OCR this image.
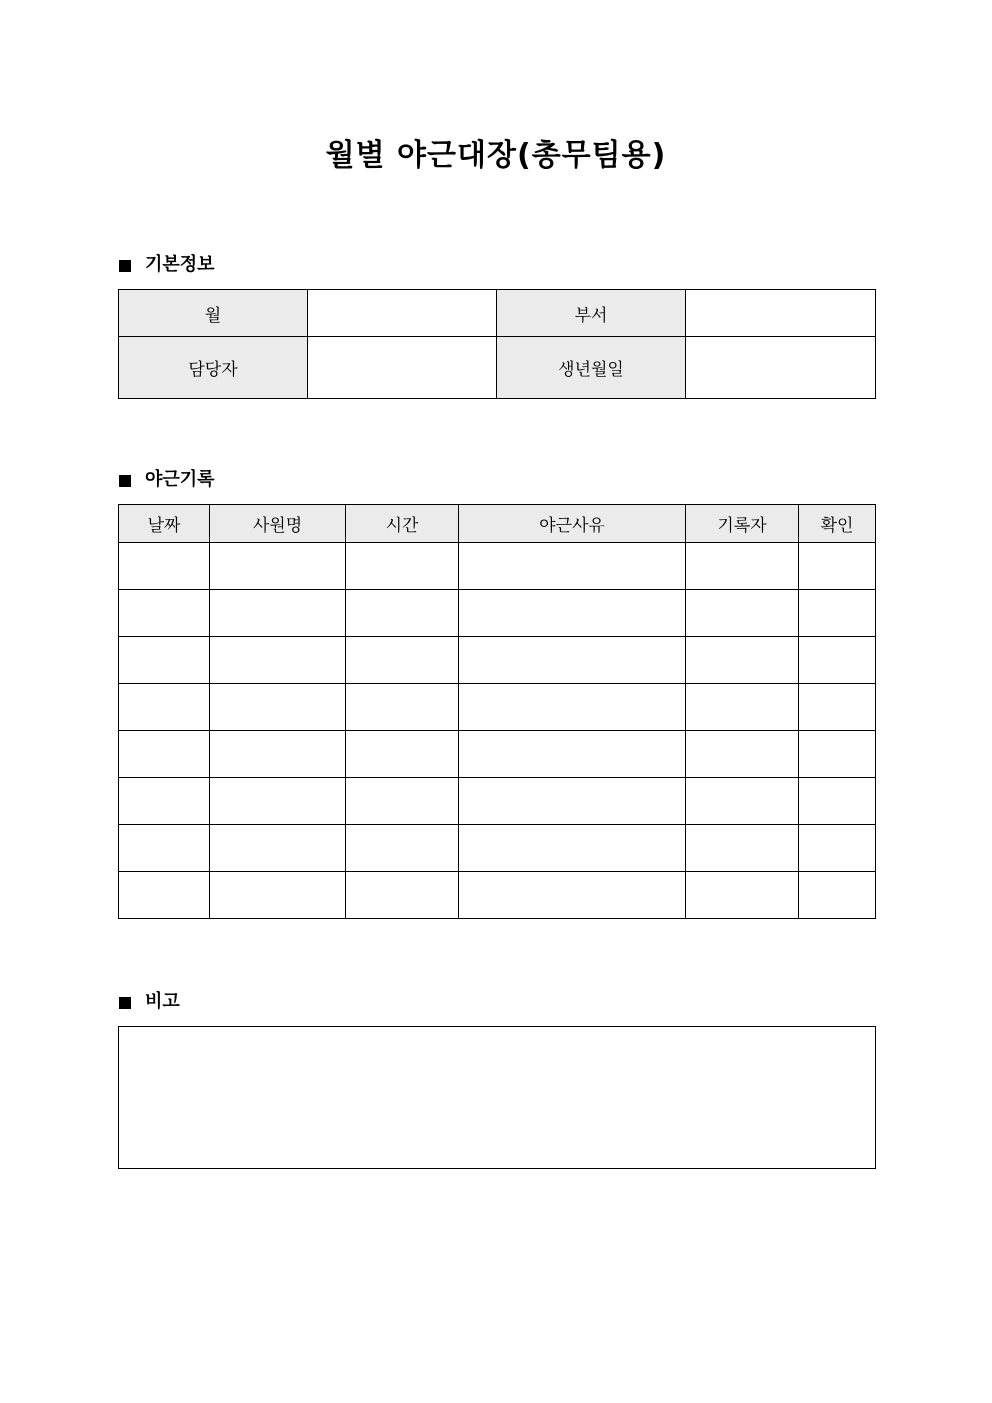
월별 야근대장(총무팀용)
기본정보
월		부서	
담당자		생년월일	
야근기록
날짜	사원명	시간	야근사유	기록자	확인

비고
